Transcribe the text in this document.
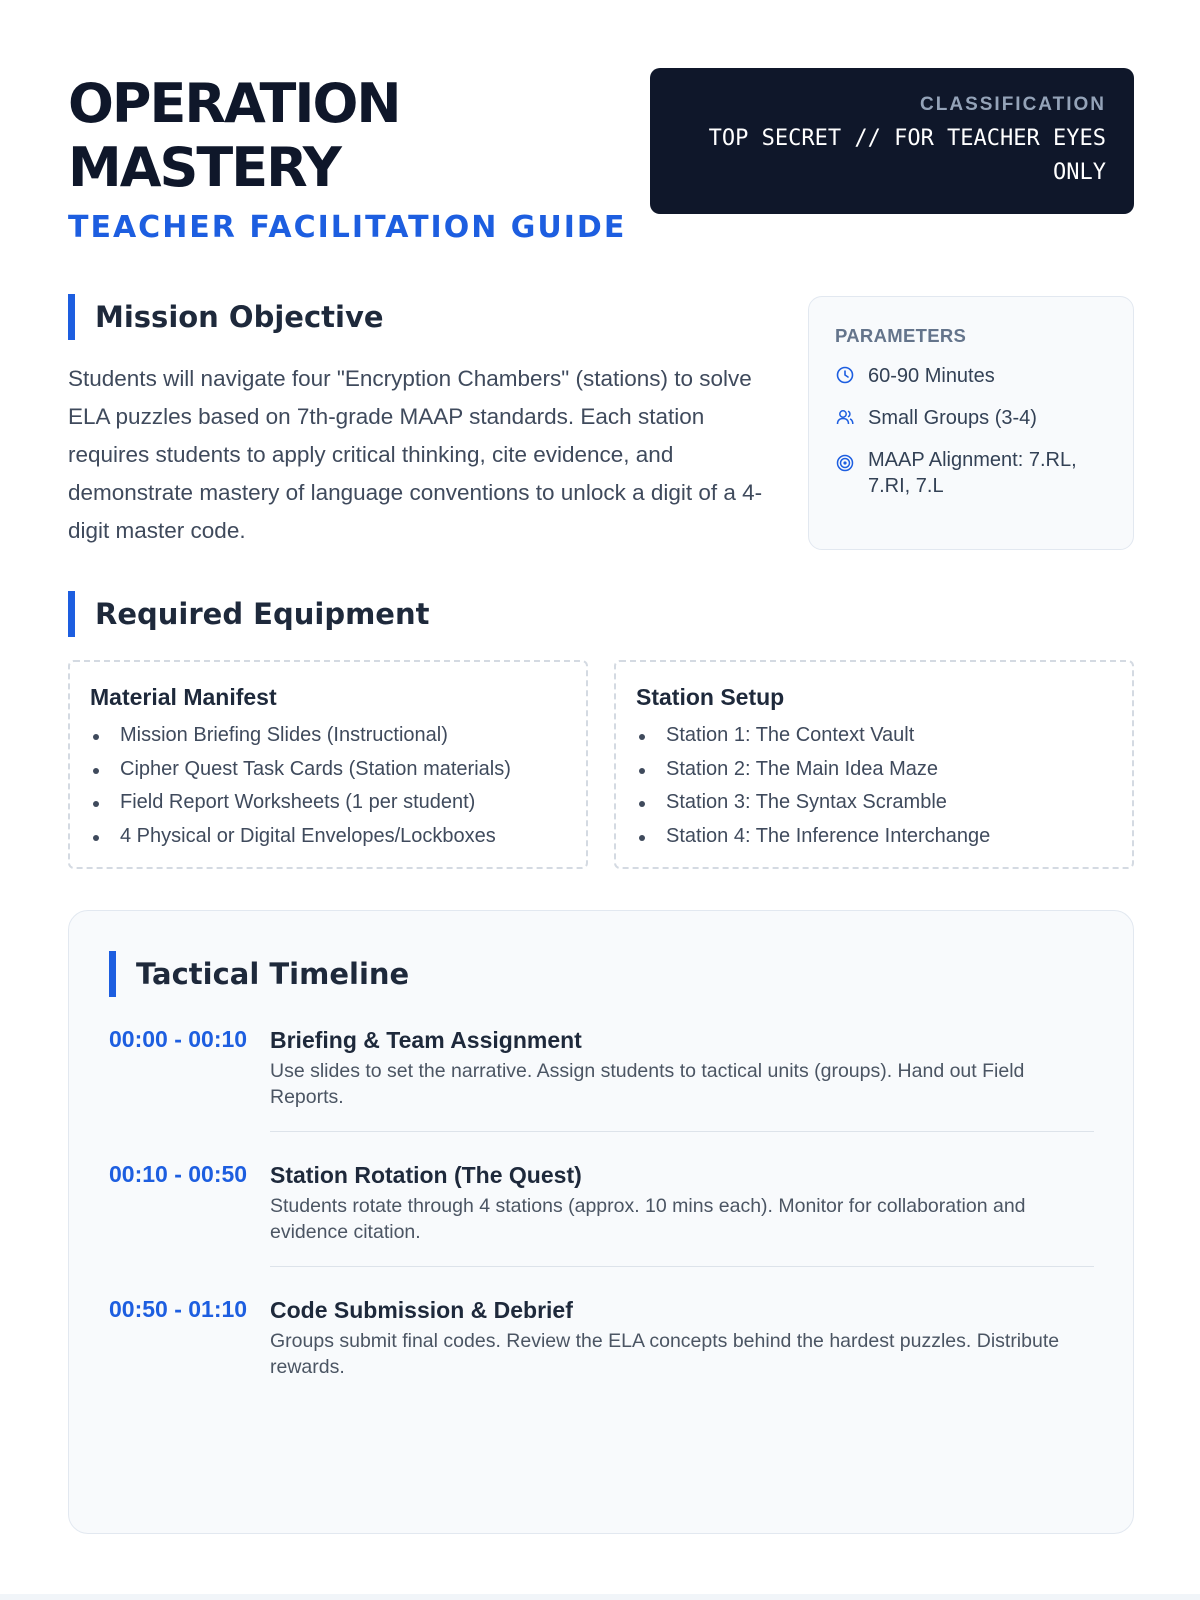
OPERATION
MASTERY
TEACHER FACILITATION GUIDE
CLASSIFICATION
TOP SECRET // FOR TEACHER EYES ONLY
Mission Objective

Students will navigate four "Encryption Chambers" (stations) to solve ELA puzzles based on 7th-grade MAAP standards. Each station requires students to apply critical thinking, cite evidence, and demonstrate mastery of language conventions to unlock a digit of a 4-digit master code.

PARAMETERS
60-90 Minutes
Small Groups (3-4)
MAAP Alignment: 7.RL, 7.RI, 7.L
Required Equipment
Material Manifest
Mission Briefing Slides (Instructional)
Cipher Quest Task Cards (Station materials)
Field Report Worksheets (1 per student)
4 Physical or Digital Envelopes/Lockboxes
Station Setup
Station 1: The Context Vault
Station 2: The Main Idea Maze
Station 3: The Syntax Scramble
Station 4: The Inference Interchange
Tactical Timeline
00:00 - 00:10 Briefing & Team Assignment
Use slides to set the narrative. Assign students to tactical units (groups). Hand out Field Reports.
00:10 - 00:50 Station Rotation (The Quest)
Students rotate through 4 stations (approx. 10 mins each). Monitor for collaboration and evidence citation.
00:50 - 01:10 Code Submission & Debrief
Groups submit final codes. Review the ELA concepts behind the hardest puzzles. Distribute rewards.
